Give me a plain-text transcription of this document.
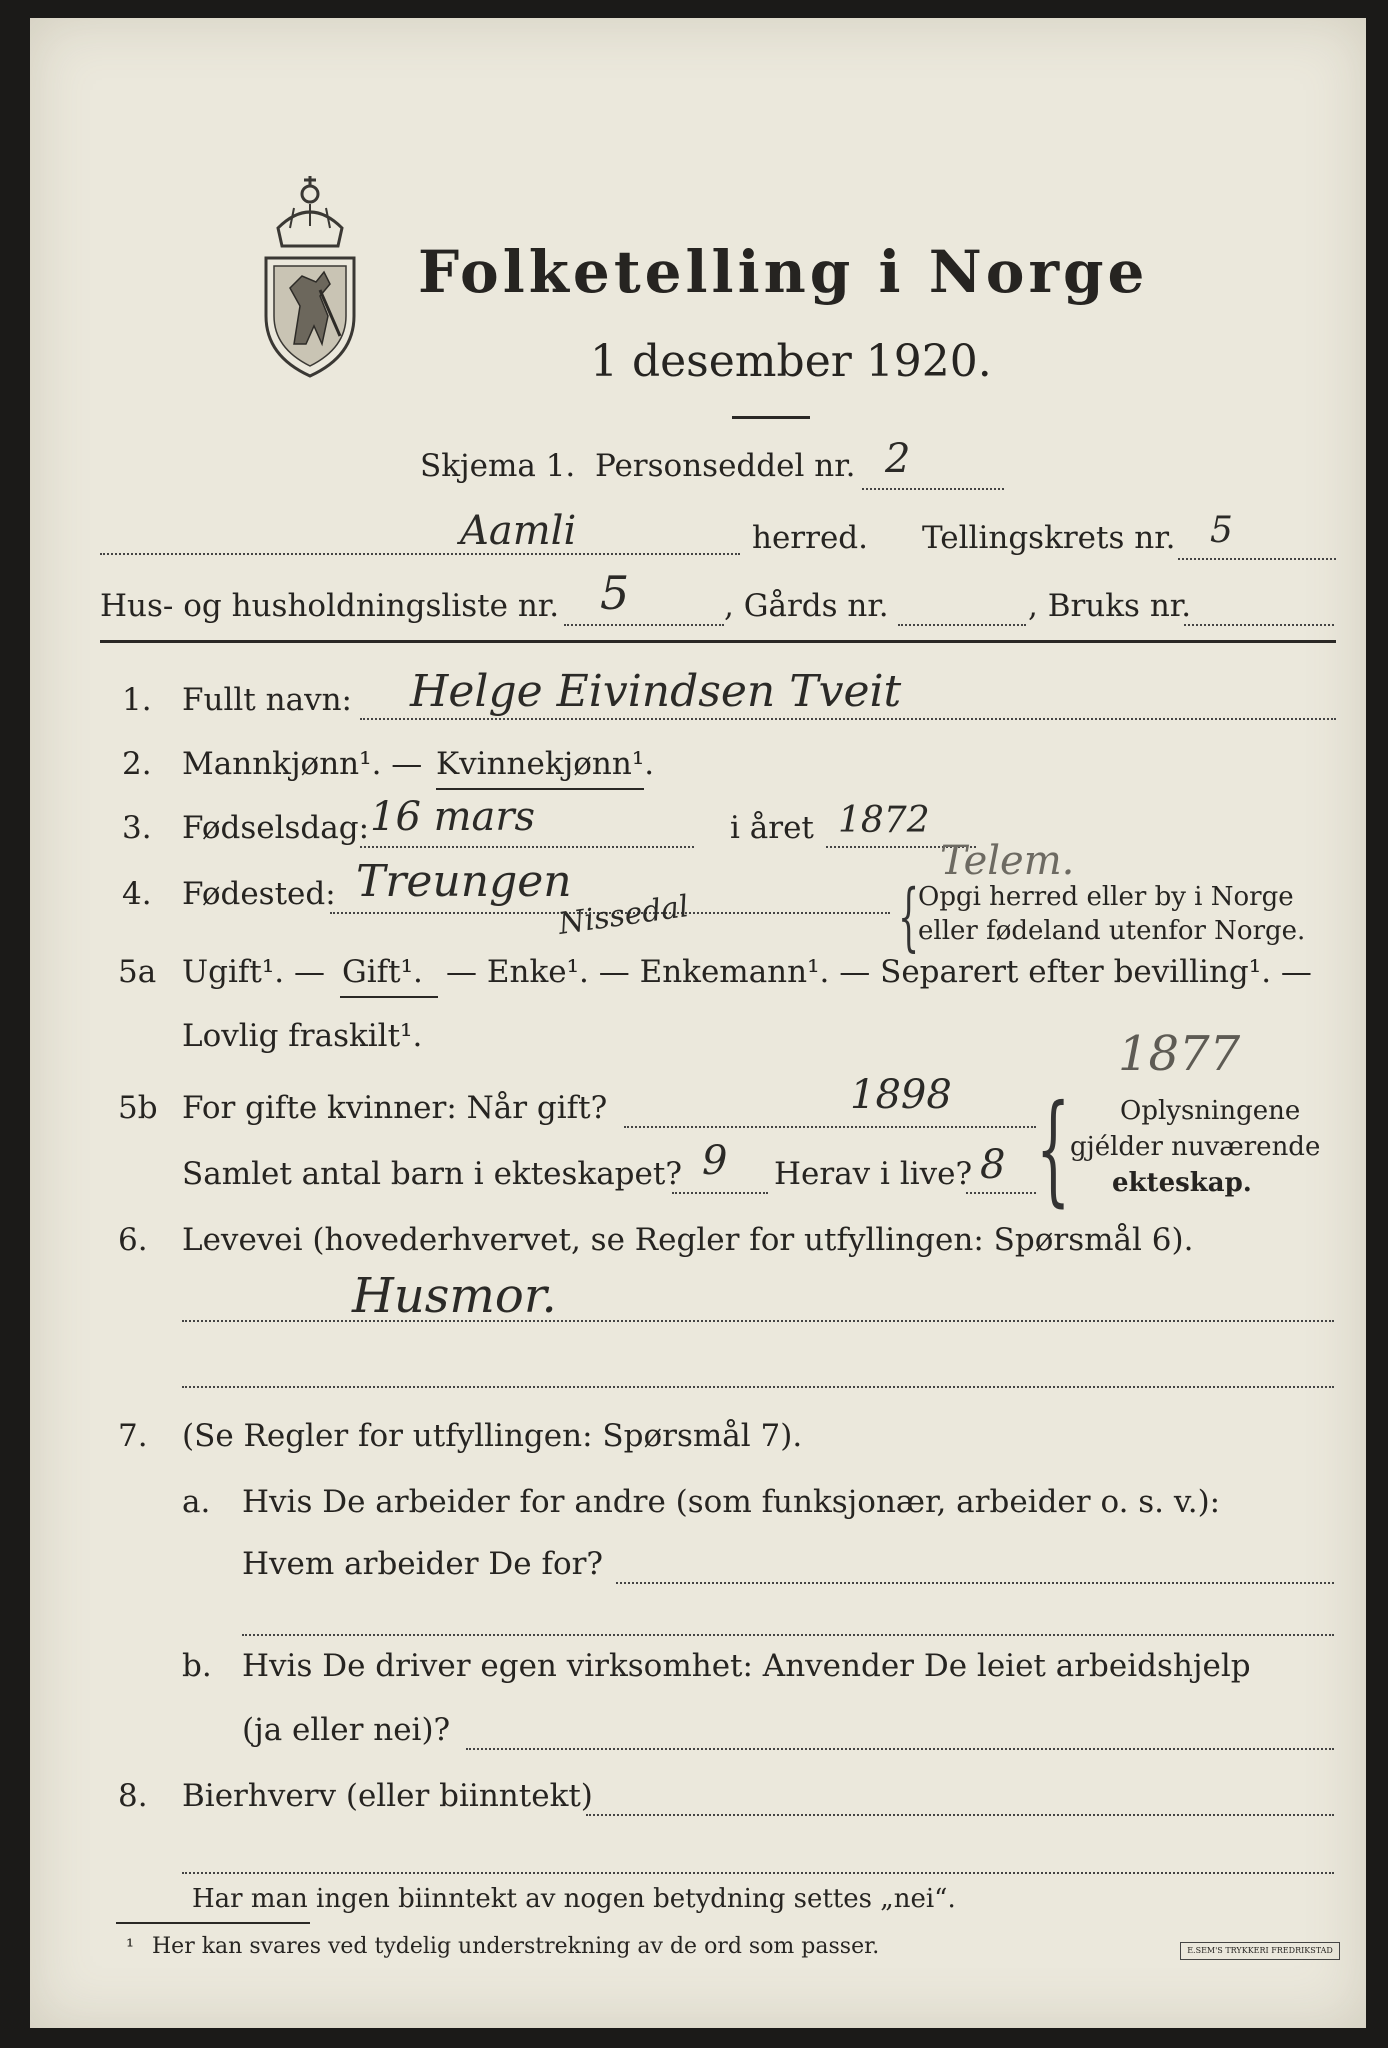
Folketelling i Norge
1 desember 1920.
Skjema 1. Personseddel nr. 2
Aamli	herred. Tellingskrets nr. 5
Hus- og husholdningsliste nr. 5	, Gårds nr.	, Bruks nr.
1. Fullt navn: Helge Eivindsen Tveit
2. Mannkjønn¹. — Kvinnekjønn¹.
3. Fødselsdag: 16 mars	i året 1872
4. Fødested: Treungen
Nissedal
Telem.
{
Opgi herred eller by i Norge
eller fødeland utenfor Norge.
5a Ugift¹. — Gift¹. — Enke¹. — Enkemann¹. — Separert efter bevilling¹. —
Lovlig fraskilt¹.
5b For gifte kvinner: Når gift?	1898
1877
Samlet antal barn i ekteskapet? 9 Herav i live? 8 { Oplysningene
gjélder nuværende
ekteskap.
6. Levevei (hovederhvervet, se Regler for utfyllingen: Spørsmål 6).
Husmor.
7. (Se Regler for utfyllingen: Spørsmål 7).
a. Hvis De arbeider for andre (som funksjonær, arbeider o. s. v.):
Hvem arbeider De for?
b. Hvis De driver egen virksomhet: Anvender De leiet arbeidshjelp
(ja eller nei)?
8. Bierhverv (eller biinntekt)
Har man ingen biinntekt av nogen betydning settes „nei“.
¹ Her kan svares ved tydelig understrekning av de ord som passer.	E.SEM'S TRYKKERI FREDRIKSTAD
